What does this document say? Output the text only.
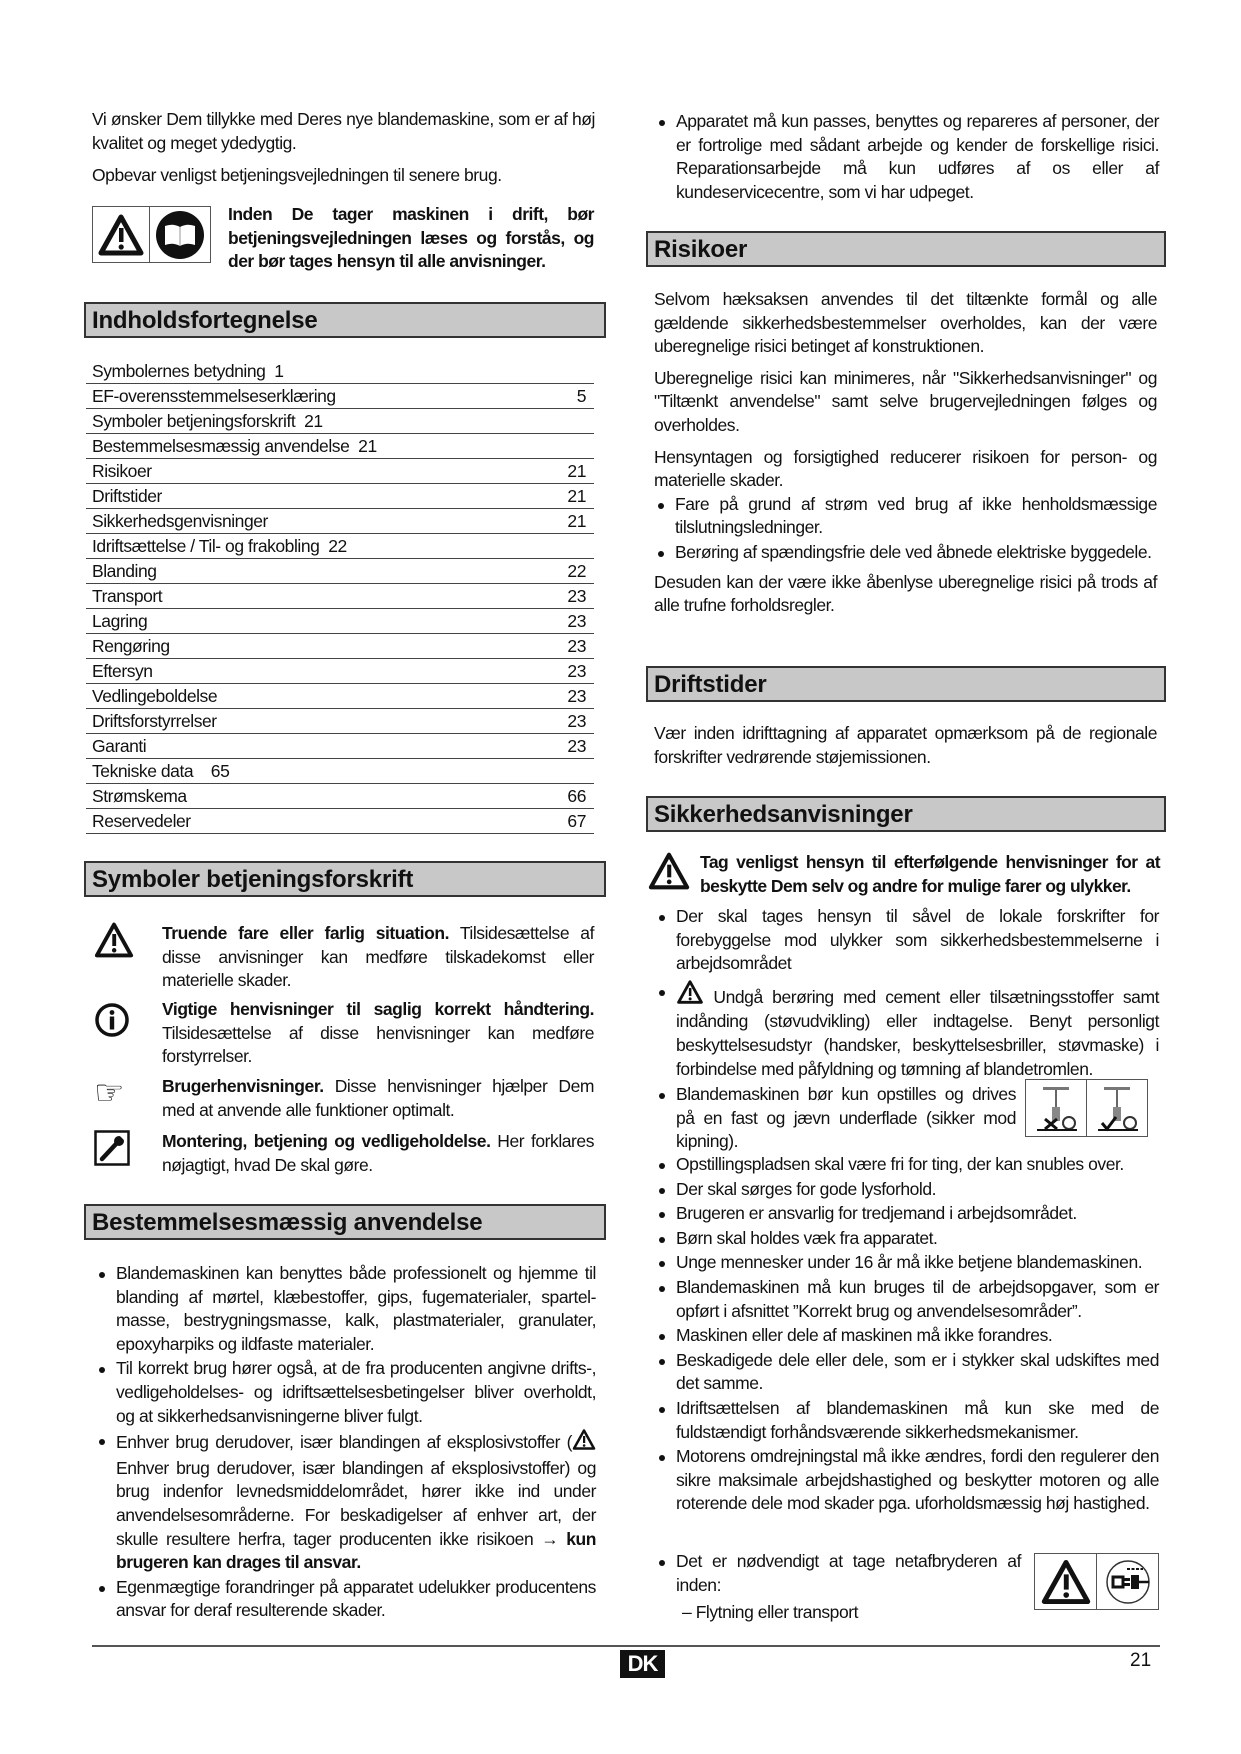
Vi ønsker Dem tillykke med Deres nye blandemaskine, som er af høj kvalitet og meget ydedygtig.

Opbevar venligst betjeningsvejledningen til senere brug.

Inden De tager maskinen i drift, bør betjeningsvejledningen læses og forstås, og der bør tages hensyn til alle anvisninger.

Indholdsfortegnelse
Symbolernes betydning  1
EF-overensstemmelseserklæring	5
Symboler betjeningsforskrift  21
Bestemmelsesmæssig anvendelse  21
Risikoer	21
Driftstider	21
Sikkerhedsgenvisninger	21
Idriftsættelse / Til- og frakobling  22
Blanding	22
Transport	23
Lagring	23
Rengøring	23
Eftersyn	23
Vedlingeboldelse	23
Driftsforstyrrelser	23
Garanti	23
Tekniske data    65
Strømskema	66
Reservedeler	67
Symboler betjeningsforskrift
Truende fare eller farlig situation. Tilsidesættelse af disse anvisninger kan medføre tilskadekomst eller materielle skader.
Vigtige henvisninger til saglig korrekt håndtering. Tilsidesættelse af disse henvisninger kan medføre forstyrrelser.
☞	Brugerhenvisninger. Disse henvisninger hjælper Dem med at anvende alle funktioner optimalt.
Montering, betjening og vedligeholdelse. Her forklares nøjagtigt, hvad De skal gøre.
Bestemmelsesmæssig anvendelse
Blandemaskinen kan benyttes både professionelt og hjemme til blanding af mørtel, klæbestoffer, gips, fugematerialer, spartel-masse, bestrygningsmasse, kalk, plastmaterialer, granulater, epoxyharpiks og ildfaste materialer.
Til korrekt brug hører også, at de fra producenten angivne drifts-, vedligeholdelses- og idriftsættelsesbetingelser bliver overholdt, og at sikkerhedsanvisningerne bliver fulgt.
Enhver brug derudover, især blandingen af eksplosivstoffer ( Enhver brug derudover, især blandingen af eksplosivstoffer) og brug indenfor levnedsmiddelområdet, hører ikke ind under anvendelsesområderne. For beskadigelser af enhver art, der skulle resultere herfra, tager producenten ikke risikoen → kun brugeren kan drages til ansvar.
Egenmægtige forandringer på apparatet udelukker producentens ansvar for deraf resulterende skader.
Apparatet må kun passes, benyttes og repareres af personer, der er fortrolige med sådant arbejde og kender de forskellige risici. Reparationsarbejde må kun udføres af os eller af kundeservicecentre, som vi har udpeget.
Risikoer

Selvom hæksaksen anvendes til det tiltænkte formål og alle gældende sikkerhedsbestemmelser overholdes, kan der være uberegnelige risici betinget af konstruktionen.

Uberegnelige risici kan minimeres, når "Sikkerhedsanvisninger" og "Tiltænkt anvendelse" samt selve brugervejledningen følges og overholdes.

Hensyntagen og forsigtighed reducerer risikoen for person- og materielle skader.

Fare på grund af strøm ved brug af ikke henholdsmæssige tilslutningsledninger.
Berøring af spændingsfrie dele ved åbnede elektriske byggedele.

Desuden kan der være ikke åbenlyse uberegnelige risici på trods af alle trufne forholdsregler.

Driftstider

Vær inden idrifttagning af apparatet opmærksom på de regionale forskrifter vedrørende støjemissionen.

Sikkerhedsanvisninger

Tag venligst hensyn til efterfølgende henvisninger for at beskytte Dem selv og andre for mulige farer og ulykker.

Der skal tages hensyn til såvel de lokale forskrifter for forebyggelse mod ulykker som sikkerhedsbestemmelserne i arbejdsområdet
Undgå berøring med cement eller tilsætningsstoffer samt indånding (støvudvikling) eller indtagelse. Benyt personligt beskyttelsesudstyr (handsker, beskyttelsesbriller, støvmaske) i forbindelse med påfyldning og tømning af blandetromlen.
Blandemaskinen bør kun opstilles og drives på en fast og jævn underflade (sikker mod kipning).
Opstillingspladsen skal være fri for ting, der kan snubles over.
Der skal sørges for gode lysforhold.
Brugeren er ansvarlig for tredjemand i arbejdsområdet.
Børn skal holdes væk fra apparatet.
Unge mennesker under 16 år må ikke betjene blandemaskinen.
Blandemaskinen må kun bruges til de arbejdsopgaver, som er opført i afsnittet ”Korrekt brug og anvendelsesområder”.
Maskinen eller dele af maskinen må ikke forandres.
Beskadigede dele eller dele, som er i stykker skal udskiftes med det samme.
Idriftsættelsen af blandemaskinen må kun ske med de fuldstændigt forhåndsværende sikkerhedsmekanismer.
Motorens omdrejningstal må ikke ændres, fordi den regulerer den sikre maksimale arbejdshastighed og beskytter motoren og alle roterende dele mod skader pga. uforholdsmæssig høj hastighed.
Det er nødvendigt at tage netafbryderen af inden:
– Flytning eller transport
DK	21
